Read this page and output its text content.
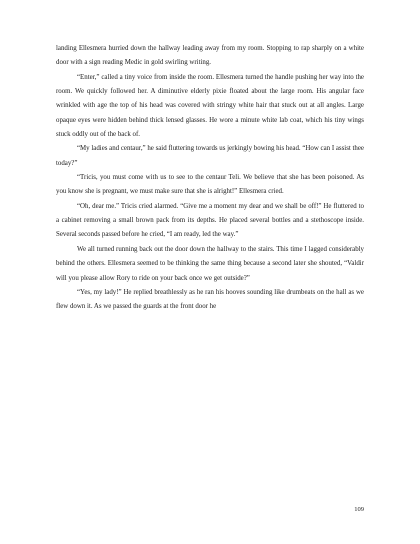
landing Ellesmera hurried down the hallway leading away from my room. Stopping to rap sharply on a white door with a sign reading Medic in gold swirling writing.

“Enter,” called a tiny voice from inside the room. Ellesmera turned the handle pushing her way into the room. We quickly followed her. A diminutive elderly pixie floated about the large room. His angular face wrinkled with age the top of his head was covered with stringy white hair that stuck out at all angles. Large opaque eyes were hidden behind thick lensed glasses. He wore a minute white lab coat, which his tiny wings stuck oddly out of the back of.

“My ladies and centaur,” he said fluttering towards us jerkingly bowing his head. “How can I assist thee today?”

“Tricis, you must come with us to see to the centaur Teli. We believe that she has been poisoned. As you know she is pregnant, we must make sure that she is alright!” Ellesmera cried.

“Oh, dear me.” Tricis cried alarmed. “Give me a moment my dear and we shall be off!” He fluttered to a cabinet removing a small brown pack from its depths. He placed several bottles and a stethoscope inside. Several seconds passed before he cried, “I am ready, led the way.”

We all turned running back out the door down the hallway to the stairs. This time I lagged considerably behind the others. Ellesmera seemed to be thinking the same thing because a second later she shouted, “Valdir will you please allow Rory to ride on your back once we get outside?”

“Yes, my lady!” He replied breathlessly as he ran his hooves sounding like drumbeats on the hall as we flew down it. As we passed the guards at the front door he

109
